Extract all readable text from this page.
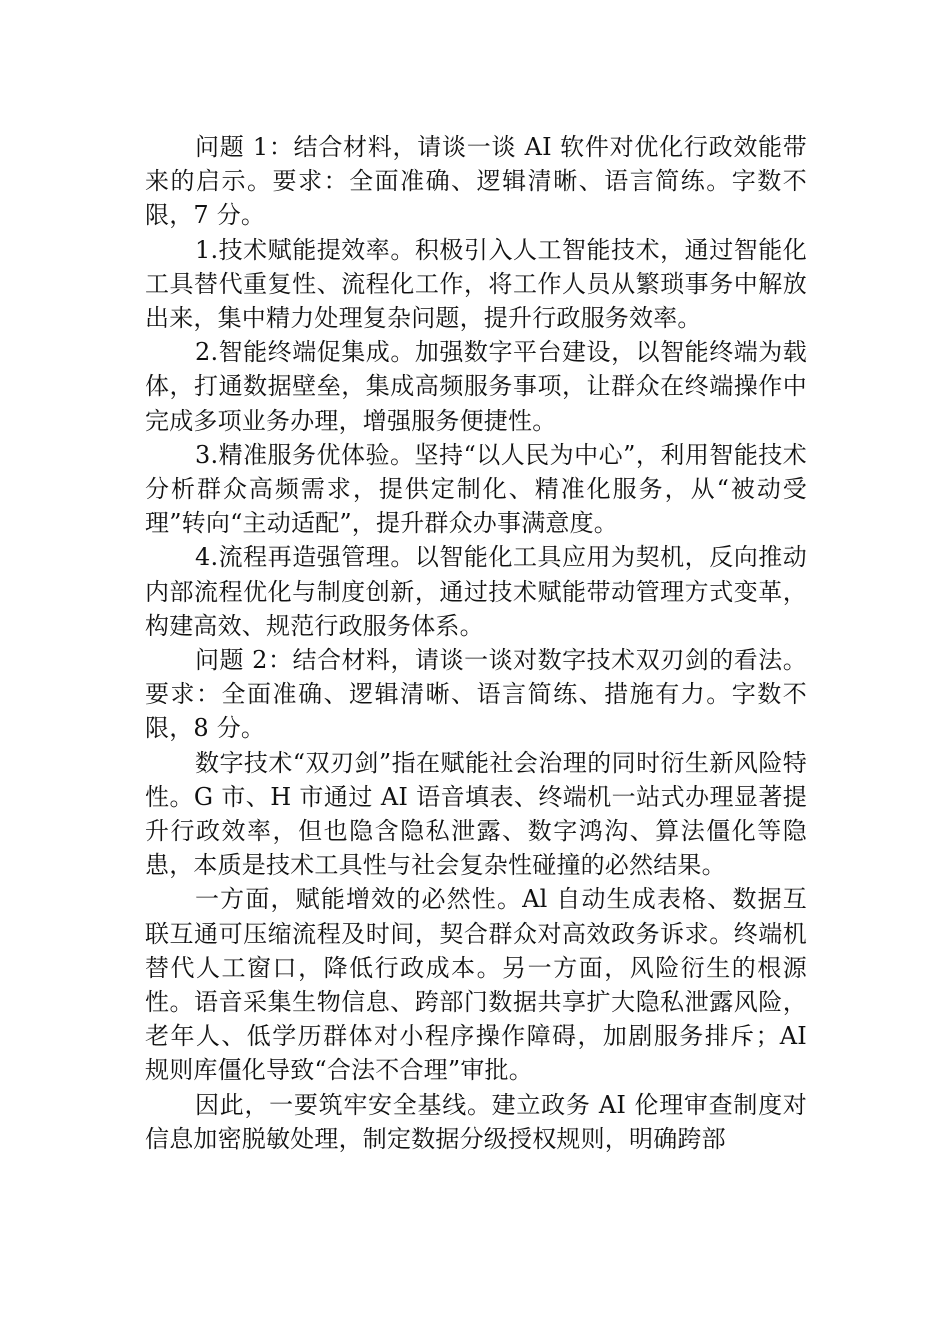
问题 1：结合材料，请谈一谈 AI 软件对优化行政效能带来的启示。要求：全面准确、逻辑清晰、语言简练。字数不限，7 分。

1.技术赋能提效率。积极引入人工智能技术，通过智能化工具替代重复性、流程化工作，将工作人员从繁琐事务中解放出来，集中精力处理复杂问题，提升行政服务效率。

2.智能终端促集成。加强数字平台建设，以智能终端为载体，打通数据壁垒，集成高频服务事项，让群众在终端操作中完成多项业务办理，增强服务便捷性。

3.精准服务优体验。坚持“以人民为中心”，利用智能技术分析群众高频需求，提供定制化、精准化服务，从“被动受理”转向“主动适配”，提升群众办事满意度。

4.流程再造强管理。以智能化工具应用为契机，反向推动内部流程优化与制度创新，通过技术赋能带动管理方式变革，构建高效、规范行政服务体系。

问题 2：结合材料，请谈一谈对数字技术双刃剑的看法。要求：全面准确、逻辑清晰、语言简练、措施有力。字数不限，8 分。

数字技术“双刃剑”指在赋能社会治理的同时衍生新风险特性。G 市、H 市通过 AI 语音填表、终端机一站式办理显著提升行政效率，但也隐含隐私泄露、数字鸿沟、算法僵化等隐患，本质是技术工具性与社会复杂性碰撞的必然结果。

一方面，赋能增效的必然性。Al 自动生成表格、数据互联互通可压缩流程及时间，契合群众对高效政务诉求。终端机替代人工窗口，降低行政成本。另一方面，风险衍生的根源性。语音采集生物信息、跨部门数据共享扩大隐私泄露风险，老年人、低学历群体对小程序操作障碍，加剧服务排斥；AI 规则库僵化导致“合法不合理”审批。

因此，一要筑牢安全基线。建立政务 AI 伦理审查制度对信息加密脱敏处理，制定数据分级授权规则，明确跨部
